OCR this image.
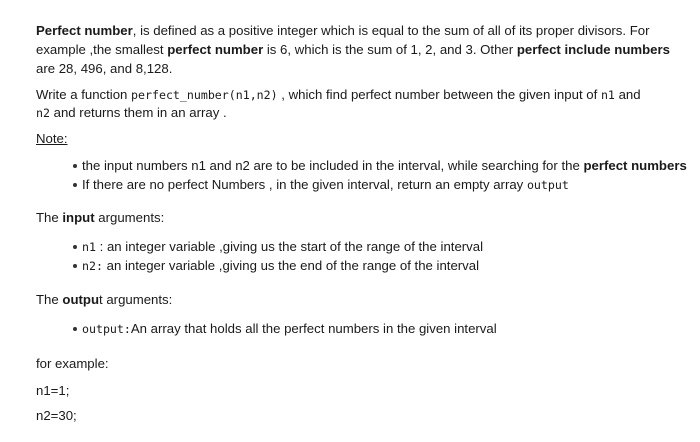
Perfect number, is defined as a positive integer which is equal to the sum of all of its proper divisors. For
example ,the smallest perfect number is 6, which is the sum of 1, 2, and 3. Other perfect include numbers
are 28, 496, and 8,128.
Write a function perfect_number(n1,n2) , which find perfect number between the given input of n1 and
n2 and returns them in an array .
Note:
the input numbers n1 and n2 are to be included in the interval, while searching for the perfect numbers
If there are no perfect Numbers , in the given interval, return an empty array output
The input arguments:
n1 : an integer variable ,giving us the start of the range of the interval
n2: an integer variable ,giving us the end of the range of the interval
The output arguments:
output:An array that holds all the perfect numbers in the given interval
for example:
n1=1;
n2=30;
